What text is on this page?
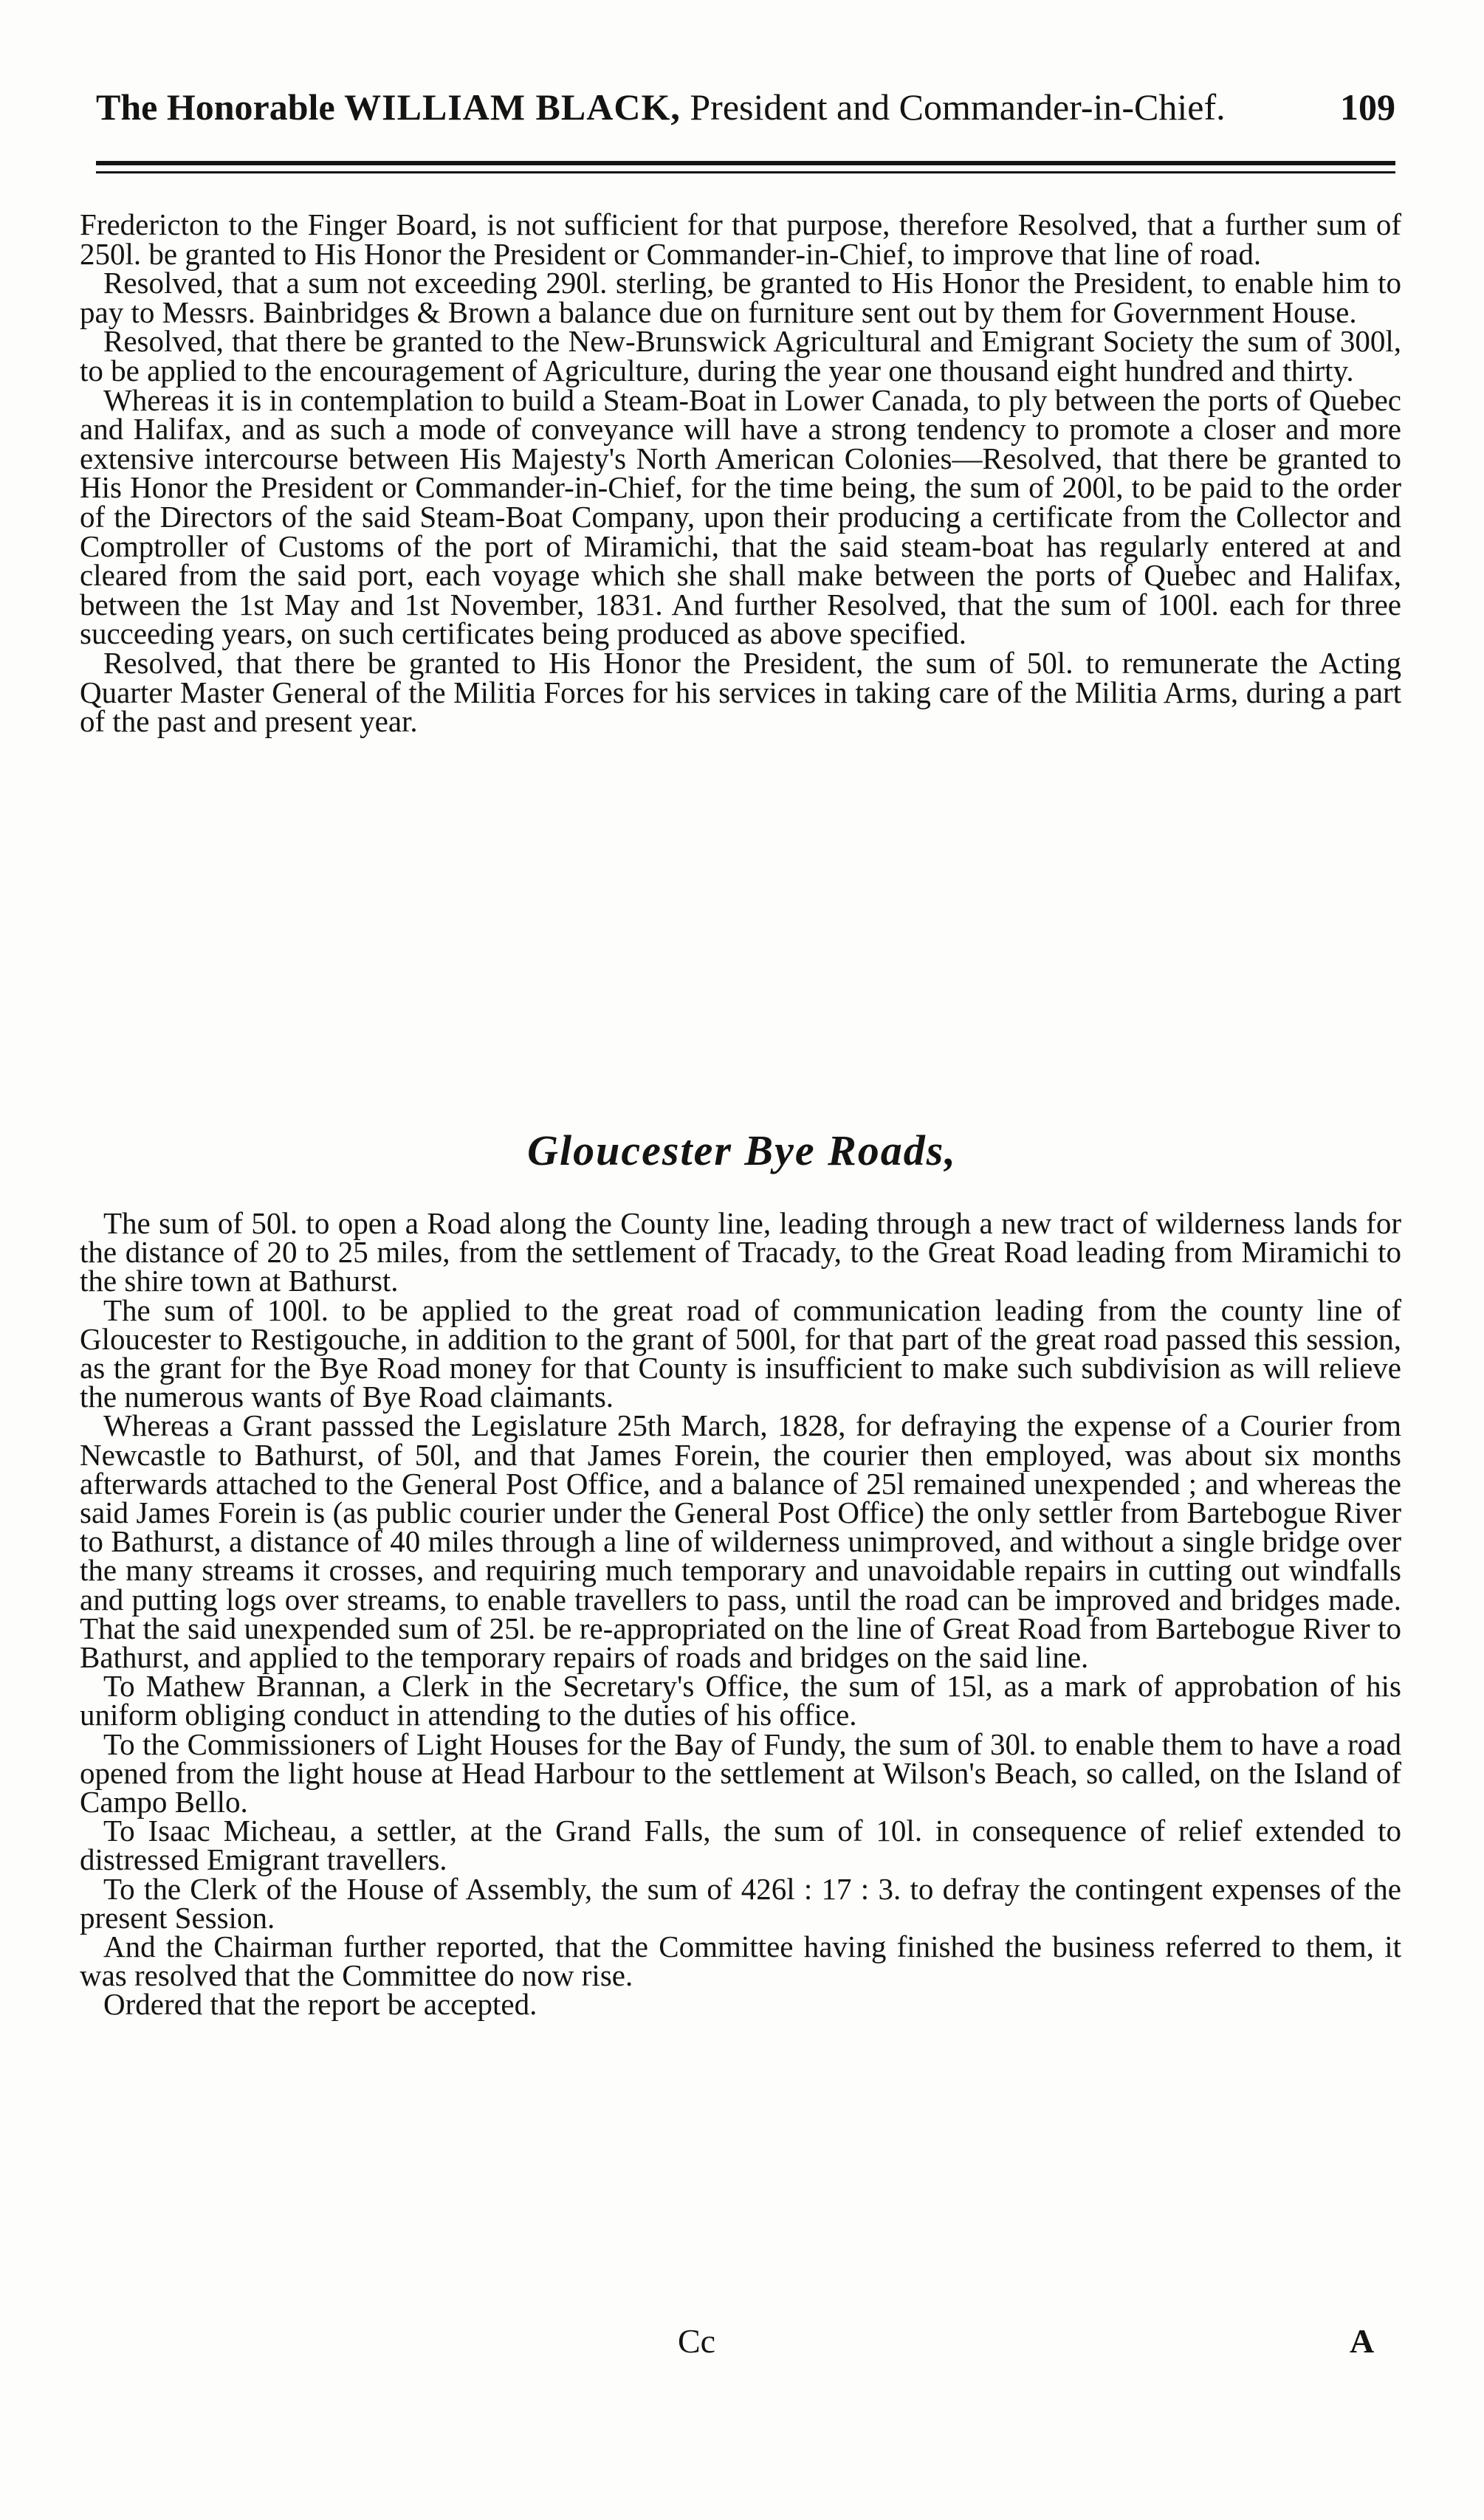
The Honorable WILLIAM BLACK, President and Commander-in-Chief.	109

Fredericton to the Finger Board, is not sufficient for that purpose, therefore Resolved, that a further sum of 250l. be granted to His Honor the President or Commander-in-Chief, to improve that line of road.

Resolved, that a sum not exceeding 290l. sterling, be granted to His Honor the President, to enable him to pay to Messrs. Bainbridges & Brown a balance due on furniture sent out by them for Government House.

Resolved, that there be granted to the New-Brunswick Agricultural and Emigrant Society the sum of 300l, to be applied to the encouragement of Agriculture, during the year one thousand eight hundred and thirty.

Whereas it is in contemplation to build a Steam-Boat in Lower Canada, to ply between the ports of Quebec and Halifax, and as such a mode of conveyance will have a strong tendency to promote a closer and more extensive intercourse between His Majesty's North American Colonies—Resolved, that there be granted to His Honor the President or Commander-in-Chief, for the time being, the sum of 200l, to be paid to the order of the Directors of the said Steam-Boat Company, upon their producing a certificate from the Collector and Comptroller of Customs of the port of Miramichi, that the said steam-boat has regularly entered at and cleared from the said port, each voyage which she shall make between the ports of Quebec and Halifax, between the 1st May and 1st November, 1831. And further Resolved, that the sum of 100l. each for three succeeding years, on such certificates being produced as above specified.

Resolved, that there be granted to His Honor the President, the sum of 50l. to remunerate the Acting Quarter Master General of the Militia Forces for his services in taking care of the Militia Arms, during a part of the past and present year.

Gloucester Bye Roads,

The sum of 50l. to open a Road along the County line, leading through a new tract of wilderness lands for the distance of 20 to 25 miles, from the settlement of Tracady, to the Great Road leading from Miramichi to the shire town at Bathurst.

The sum of 100l. to be applied to the great road of communication leading from the county line of Gloucester to Restigouche, in addition to the grant of 500l, for that part of the great road passed this session, as the grant for the Bye Road money for that County is insufficient to make such subdivision as will relieve the numerous wants of Bye Road claimants.

Whereas a Grant passsed the Legislature 25th March, 1828, for defraying the expense of a Courier from Newcastle to Bathurst, of 50l, and that James Forein, the courier then employed, was about six months afterwards attached to the General Post Office, and a balance of 25l remained unexpended ; and whereas the said James Forein is (as public courier under the General Post Office) the only settler from Bartebogue River to Bathurst, a distance of 40 miles through a line of wilderness unimproved, and without a single bridge over the many streams it crosses, and requiring much temporary and unavoidable repairs in cutting out windfalls and putting logs over streams, to enable travellers to pass, until the road can be improved and bridges made. That the said unexpended sum of 25l. be re-appropriated on the line of Great Road from Bartebogue River to Bathurst, and applied to the temporary repairs of roads and bridges on the said line.

To Mathew Brannan, a Clerk in the Secretary's Office, the sum of 15l, as a mark of approbation of his uniform obliging conduct in attending to the duties of his office.

To the Commissioners of Light Houses for the Bay of Fundy, the sum of 30l. to enable them to have a road opened from the light house at Head Harbour to the settlement at Wilson's Beach, so called, on the Island of Campo Bello.

To Isaac Micheau, a settler, at the Grand Falls, the sum of 10l. in consequence of relief extended to distressed Emigrant travellers.

To the Clerk of the House of Assembly, the sum of 426l : 17 : 3. to defray the contingent expenses of the present Session.

And the Chairman further reported, that the Committee having finished the business referred to them, it was resolved that the Committee do now rise.

Ordered that the report be accepted.

Cc	A
